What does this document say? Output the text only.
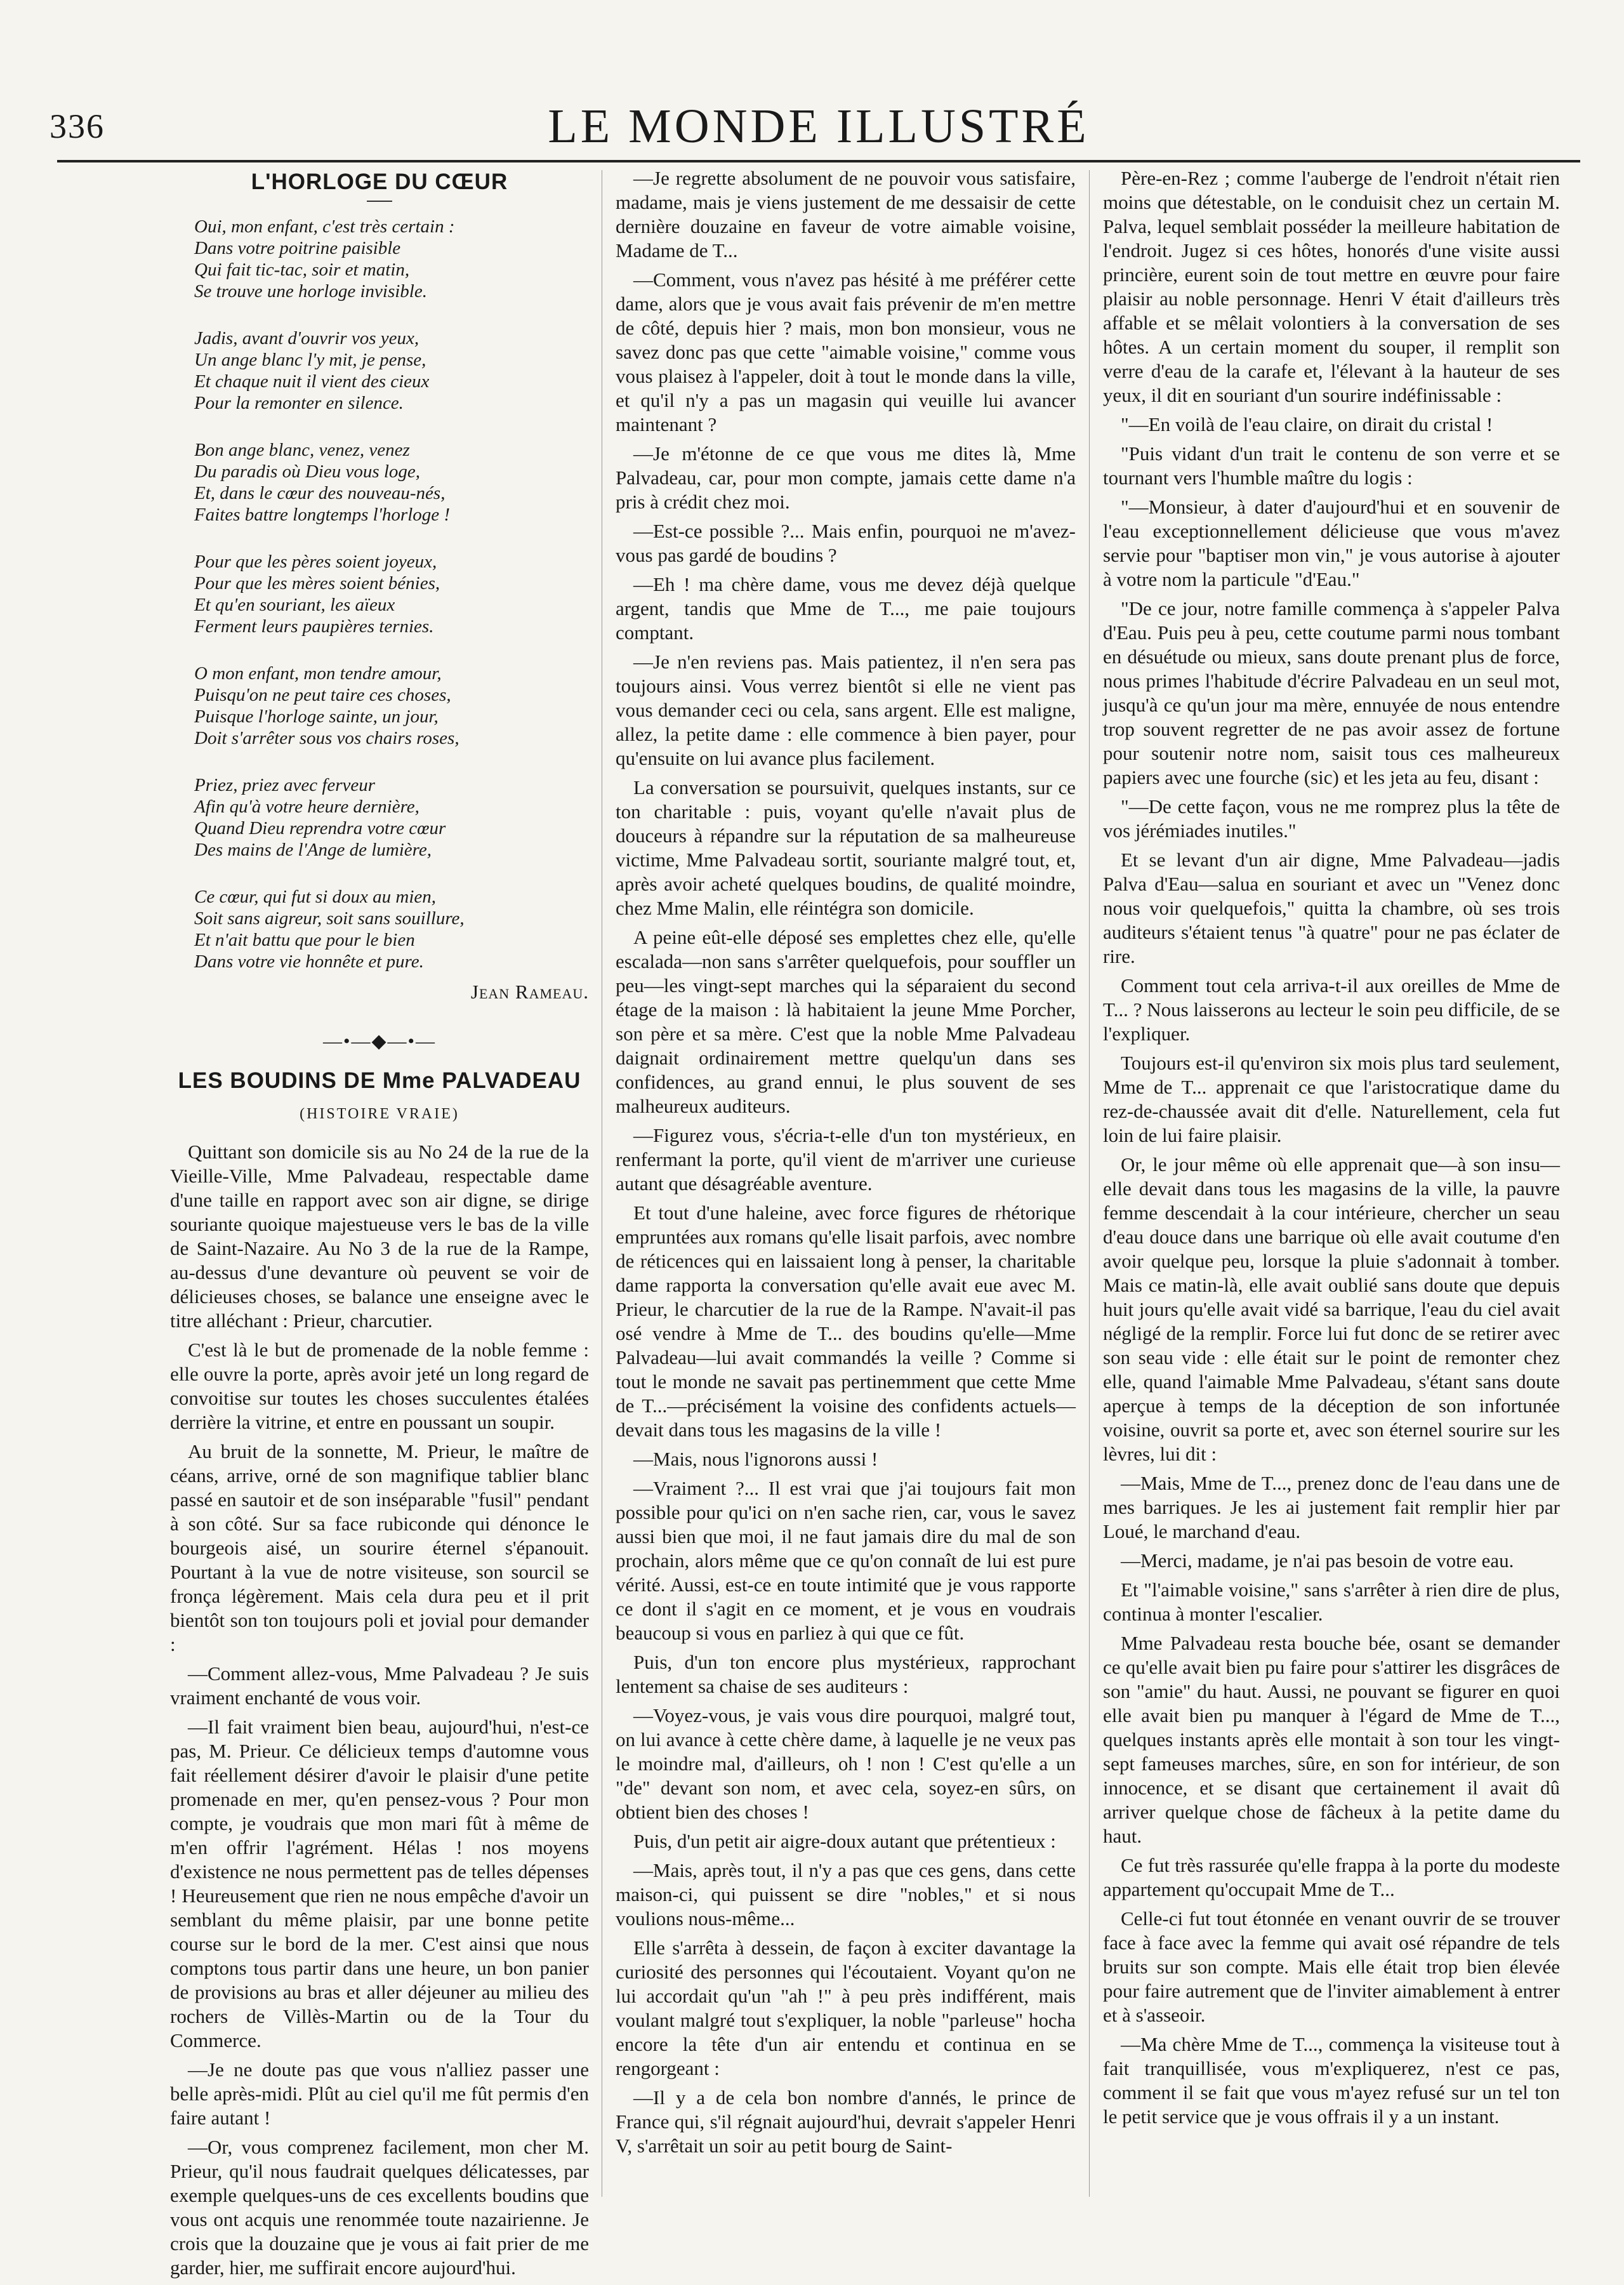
336	LE MONDE ILLUSTRÉ
L'HORLOGE DU CŒUR
Oui, mon enfant, c'est très certain :
Dans votre poitrine paisible
Qui fait tic-tac, soir et matin,
Se trouve une horloge invisible.
Jadis, avant d'ouvrir vos yeux,
Un ange blanc l'y mit, je pense,
Et chaque nuit il vient des cieux
Pour la remonter en silence.
Bon ange blanc, venez, venez
Du paradis où Dieu vous loge,
Et, dans le cœur des nouveau-nés,
Faites battre longtemps l'horloge !
Pour que les pères soient joyeux,
Pour que les mères soient bénies,
Et qu'en souriant, les aïeux
Ferment leurs paupières ternies.
O mon enfant, mon tendre amour,
Puisqu'on ne peut taire ces choses,
Puisque l'horloge sainte, un jour,
Doit s'arrêter sous vos chairs roses,
Priez, priez avec ferveur
Afin qu'à votre heure dernière,
Quand Dieu reprendra votre cœur
Des mains de l'Ange de lumière,
Ce cœur, qui fut si doux au mien,
Soit sans aigreur, soit sans souillure,
Et n'ait battu que pour le bien
Dans votre vie honnête et pure.
Jean Rameau.
—•—◆—•—
LES BOUDINS DE Mme PALVADEAU
(HISTOIRE VRAIE)

Quittant son domicile sis au No 24 de la rue de la Vieille-Ville, Mme Palvadeau, respectable dame d'une taille en rapport avec son air digne, se dirige souriante quoique majestueuse vers le bas de la ville de Saint-Nazaire. Au No 3 de la rue de la Rampe, au-dessus d'une devanture où peuvent se voir de délicieuses choses, se balance une enseigne avec le titre alléchant : Prieur, charcutier.

C'est là le but de promenade de la noble femme : elle ouvre la porte, après avoir jeté un long regard de convoitise sur toutes les choses succulentes étalées derrière la vitrine, et entre en poussant un soupir.

Au bruit de la sonnette, M. Prieur, le maître de céans, arrive, orné de son magnifique tablier blanc passé en sautoir et de son inséparable "fusil" pendant à son côté. Sur sa face rubiconde qui dénonce le bourgeois aisé, un sourire éternel s'épanouit. Pourtant à la vue de notre visiteuse, son sourcil se fronça légèrement. Mais cela dura peu et il prit bientôt son ton toujours poli et jovial pour demander :

—Comment allez-vous, Mme Palvadeau ? Je suis vraiment enchanté de vous voir.

—Il fait vraiment bien beau, aujourd'hui, n'est-ce pas, M. Prieur. Ce délicieux temps d'automne vous fait réellement désirer d'avoir le plaisir d'une petite promenade en mer, qu'en pensez-vous ? Pour mon compte, je voudrais que mon mari fût à même de m'en offrir l'agrément. Hélas ! nos moyens d'existence ne nous permettent pas de telles dépenses ! Heureusement que rien ne nous empêche d'avoir un semblant du même plaisir, par une bonne petite course sur le bord de la mer. C'est ainsi que nous comptons tous partir dans une heure, un bon panier de provisions au bras et aller déjeuner au milieu des rochers de Villès-Martin ou de la Tour du Commerce.

—Je ne doute pas que vous n'alliez passer une belle après-midi. Plût au ciel qu'il me fût permis d'en faire autant !

—Or, vous comprenez facilement, mon cher M. Prieur, qu'il nous faudrait quelques délicatesses, par exemple quelques-uns de ces excellents boudins que vous ont acquis une renommée toute nazairienne. Je crois que la douzaine que je vous ai fait prier de me garder, hier, me suffirait encore aujourd'hui.

—Je regrette absolument de ne pouvoir vous satisfaire, madame, mais je viens justement de me dessaisir de cette dernière douzaine en faveur de votre aimable voisine, Madame de T...

—Comment, vous n'avez pas hésité à me préférer cette dame, alors que je vous avait fais prévenir de m'en mettre de côté, depuis hier ? mais, mon bon monsieur, vous ne savez donc pas que cette "aimable voisine," comme vous vous plaisez à l'appeler, doit à tout le monde dans la ville, et qu'il n'y a pas un magasin qui veuille lui avancer maintenant ?

—Je m'étonne de ce que vous me dites là, Mme Palvadeau, car, pour mon compte, jamais cette dame n'a pris à crédit chez moi.

—Est-ce possible ?... Mais enfin, pourquoi ne m'avez-vous pas gardé de boudins ?

—Eh ! ma chère dame, vous me devez déjà quelque argent, tandis que Mme de T..., me paie toujours comptant.

—Je n'en reviens pas. Mais patientez, il n'en sera pas toujours ainsi. Vous verrez bientôt si elle ne vient pas vous demander ceci ou cela, sans argent. Elle est maligne, allez, la petite dame : elle commence à bien payer, pour qu'ensuite on lui avance plus facilement.

La conversation se poursuivit, quelques instants, sur ce ton charitable : puis, voyant qu'elle n'avait plus de douceurs à répandre sur la réputation de sa malheureuse victime, Mme Palvadeau sortit, souriante malgré tout, et, après avoir acheté quelques boudins, de qualité moindre, chez Mme Malin, elle réintégra son domicile.

A peine eût-elle déposé ses emplettes chez elle, qu'elle escalada—non sans s'arrêter quelquefois, pour souffler un peu—les vingt-sept marches qui la séparaient du second étage de la maison : là habitaient la jeune Mme Porcher, son père et sa mère. C'est que la noble Mme Palvadeau daignait ordinairement mettre quelqu'un dans ses confidences, au grand ennui, le plus souvent de ses malheureux auditeurs.

—Figurez vous, s'écria-t-elle d'un ton mystérieux, en renfermant la porte, qu'il vient de m'arriver une curieuse autant que désagréable aventure.

Et tout d'une haleine, avec force figures de rhétorique empruntées aux romans qu'elle lisait parfois, avec nombre de réticences qui en laissaient long à penser, la charitable dame rapporta la conversation qu'elle avait eue avec M. Prieur, le charcutier de la rue de la Rampe. N'avait-il pas osé vendre à Mme de T... des boudins qu'elle—Mme Palvadeau—lui avait commandés la veille ? Comme si tout le monde ne savait pas pertinemment que cette Mme de T...—précisément la voisine des confidents actuels—devait dans tous les magasins de la ville !

—Mais, nous l'ignorons aussi !

—Vraiment ?... Il est vrai que j'ai toujours fait mon possible pour qu'ici on n'en sache rien, car, vous le savez aussi bien que moi, il ne faut jamais dire du mal de son prochain, alors même que ce qu'on connaît de lui est pure vérité. Aussi, est-ce en toute intimité que je vous rapporte ce dont il s'agit en ce moment, et je vous en voudrais beaucoup si vous en parliez à qui que ce fût.

Puis, d'un ton encore plus mystérieux, rapprochant lentement sa chaise de ses auditeurs :

—Voyez-vous, je vais vous dire pourquoi, malgré tout, on lui avance à cette chère dame, à laquelle je ne veux pas le moindre mal, d'ailleurs, oh ! non ! C'est qu'elle a un "de" devant son nom, et avec cela, soyez-en sûrs, on obtient bien des choses !

Puis, d'un petit air aigre-doux autant que prétentieux :

—Mais, après tout, il n'y a pas que ces gens, dans cette maison-ci, qui puissent se dire "nobles," et si nous voulions nous-même...

Elle s'arrêta à dessein, de façon à exciter davantage la curiosité des personnes qui l'écoutaient. Voyant qu'on ne lui accordait qu'un "ah !" à peu près indifférent, mais voulant malgré tout s'expliquer, la noble "parleuse" hocha encore la tête d'un air entendu et continua en se rengorgeant :

—Il y a de cela bon nombre d'annés, le prince de France qui, s'il régnait aujourd'hui, devrait s'appeler Henri V, s'arrêtait un soir au petit bourg de Saint-

Père-en-Rez ; comme l'auberge de l'endroit n'était rien moins que détestable, on le conduisit chez un certain M. Palva, lequel semblait posséder la meilleure habitation de l'endroit. Jugez si ces hôtes, honorés d'une visite aussi princière, eurent soin de tout mettre en œuvre pour faire plaisir au noble personnage. Henri V était d'ailleurs très affable et se mêlait volontiers à la conversation de ses hôtes. A un certain moment du souper, il remplit son verre d'eau de la carafe et, l'élevant à la hauteur de ses yeux, il dit en souriant d'un sourire indéfinissable :

"—En voilà de l'eau claire, on dirait du cristal !

"Puis vidant d'un trait le contenu de son verre et se tournant vers l'humble maître du logis :

"—Monsieur, à dater d'aujourd'hui et en souvenir de l'eau exceptionnellement délicieuse que vous m'avez servie pour "baptiser mon vin," je vous autorise à ajouter à votre nom la particule "d'Eau."

"De ce jour, notre famille commença à s'appeler Palva d'Eau. Puis peu à peu, cette coutume parmi nous tombant en désuétude ou mieux, sans doute prenant plus de force, nous primes l'habitude d'écrire Palvadeau en un seul mot, jusqu'à ce qu'un jour ma mère, ennuyée de nous entendre trop souvent regretter de ne pas avoir assez de fortune pour soutenir notre nom, saisit tous ces malheureux papiers avec une fourche (sic) et les jeta au feu, disant :

"—De cette façon, vous ne me romprez plus la tête de vos jérémiades inutiles."

Et se levant d'un air digne, Mme Palvadeau—jadis Palva d'Eau—salua en souriant et avec un "Venez donc nous voir quelquefois," quitta la chambre, où ses trois auditeurs s'étaient tenus "à quatre" pour ne pas éclater de rire.

Comment tout cela arriva-t-il aux oreilles de Mme de T... ? Nous laisserons au lecteur le soin peu difficile, de se l'expliquer.

Toujours est-il qu'environ six mois plus tard seulement, Mme de T... apprenait ce que l'aristocratique dame du rez-de-chaussée avait dit d'elle. Naturellement, cela fut loin de lui faire plaisir.

Or, le jour même où elle apprenait que—à son insu—elle devait dans tous les magasins de la ville, la pauvre femme descendait à la cour intérieure, chercher un seau d'eau douce dans une barrique où elle avait coutume d'en avoir quelque peu, lorsque la pluie s'adonnait à tomber. Mais ce matin-là, elle avait oublié sans doute que depuis huit jours qu'elle avait vidé sa barrique, l'eau du ciel avait négligé de la remplir. Force lui fut donc de se retirer avec son seau vide : elle était sur le point de remonter chez elle, quand l'aimable Mme Palvadeau, s'étant sans doute aperçue à temps de la déception de son infortunée voisine, ouvrit sa porte et, avec son éternel sourire sur les lèvres, lui dit :

—Mais, Mme de T..., prenez donc de l'eau dans une de mes barriques. Je les ai justement fait remplir hier par Loué, le marchand d'eau.

—Merci, madame, je n'ai pas besoin de votre eau.

Et "l'aimable voisine," sans s'arrêter à rien dire de plus, continua à monter l'escalier.

Mme Palvadeau resta bouche bée, osant se demander ce qu'elle avait bien pu faire pour s'attirer les disgrâces de son "amie" du haut. Aussi, ne pouvant se figurer en quoi elle avait bien pu manquer à l'égard de Mme de T..., quelques instants après elle montait à son tour les vingt-sept fameuses marches, sûre, en son for intérieur, de son innocence, et se disant que certainement il avait dû arriver quelque chose de fâcheux à la petite dame du haut.

Ce fut très rassurée qu'elle frappa à la porte du modeste appartement qu'occupait Mme de T...

Celle-ci fut tout étonnée en venant ouvrir de se trouver face à face avec la femme qui avait osé répandre de tels bruits sur son compte. Mais elle était trop bien élevée pour faire autrement que de l'inviter aimablement à entrer et à s'asseoir.

—Ma chère Mme de T..., commença la visiteuse tout à fait tranquillisée, vous m'expliquerez, n'est ce pas, comment il se fait que vous m'ayez refusé sur un tel ton le petit service que je vous offrais il y a un instant.
